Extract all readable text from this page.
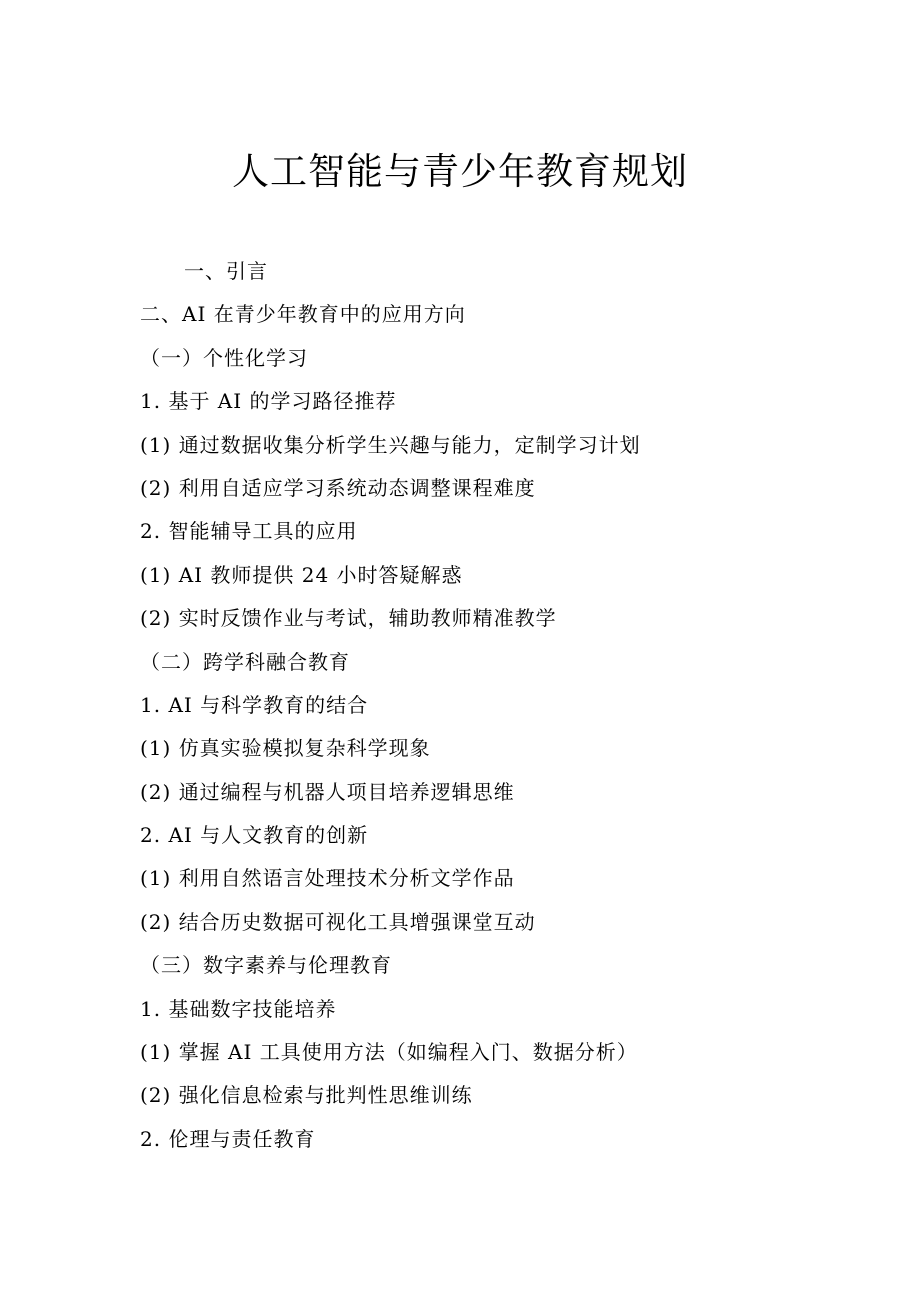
人工智能与青少年教育规划
一、引言
二、AI 在青少年教育中的应用方向
（一）个性化学习
1. 基于 AI 的学习路径推荐
(1) 通过数据收集分析学生兴趣与能力，定制学习计划
(2) 利用自适应学习系统动态调整课程难度
2. 智能辅导工具的应用
(1) AI 教师提供 24 小时答疑解惑
(2) 实时反馈作业与考试，辅助教师精准教学
（二）跨学科融合教育
1. AI 与科学教育的结合
(1) 仿真实验模拟复杂科学现象
(2) 通过编程与机器人项目培养逻辑思维
2. AI 与人文教育的创新
(1) 利用自然语言处理技术分析文学作品
(2) 结合历史数据可视化工具增强课堂互动
（三）数字素养与伦理教育
1. 基础数字技能培养
(1) 掌握 AI 工具使用方法（如编程入门、数据分析）
(2) 强化信息检索与批判性思维训练
2. 伦理与责任教育
